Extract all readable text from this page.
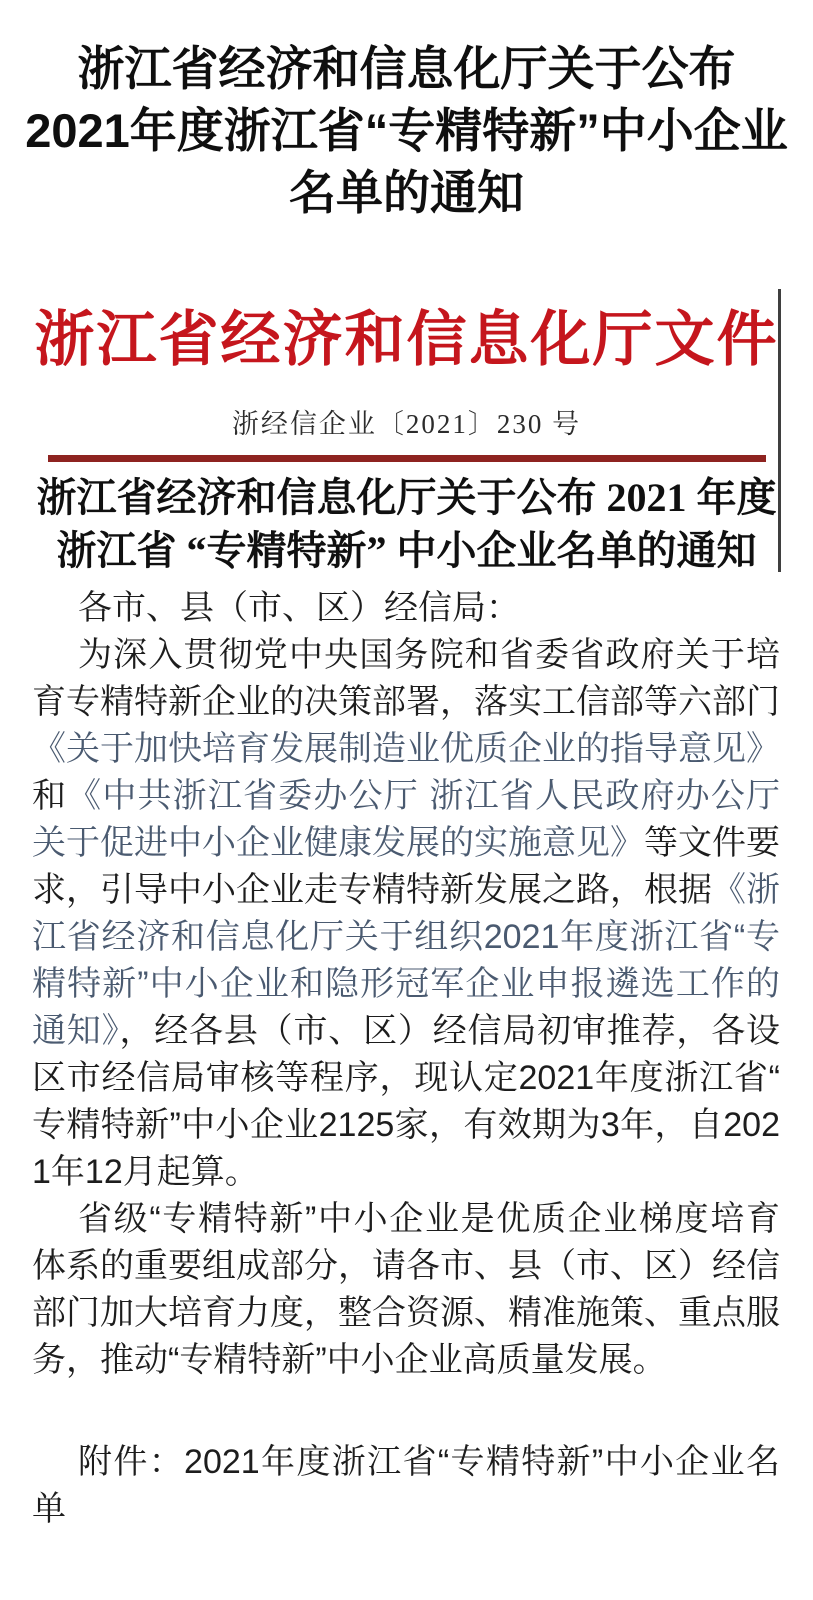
浙江省经济和信息化厅关于公布
2021年度浙江省“专精特新”中小企业
名单的通知
浙江省经济和信息化厅文件
浙经信企业〔2021〕230 号
浙江省经济和信息化厅关于公布 2021 年度
浙江省 “专精特新” 中小企业名单的通知

各市、县（市、区）经信局：

为深入贯彻党中央国务院和省委省政府关于培育专精特新企业的决策部署，落实工信部等六部门《关于加快培育发展制造业优质企业的指导意见》和《中共浙江省委办公厅 浙江省人民政府办公厅关于促进中小企业健康发展的实施意见》等文件要求，引导中小企业走专精特新发展之路，根据《浙江省经济和信息化厅关于组织2021年度浙江省“专精特新”中小企业和隐形冠军企业申报遴选工作的通知》，经各县（市、区）经信局初审推荐，各设区市经信局审核等程序，现认定2021年度浙江省“专精特新”中小企业2125家，有效期为3年，自2021年12月起算。

省级“专精特新”中小企业是优质企业梯度培育体系的重要组成部分，请各市、县（市、区）经信部门加大培育力度，整合资源、精准施策、重点服务，推动“专精特新”中小企业高质量发展。

附件：2021年度浙江省“专精特新”中小企业名单
